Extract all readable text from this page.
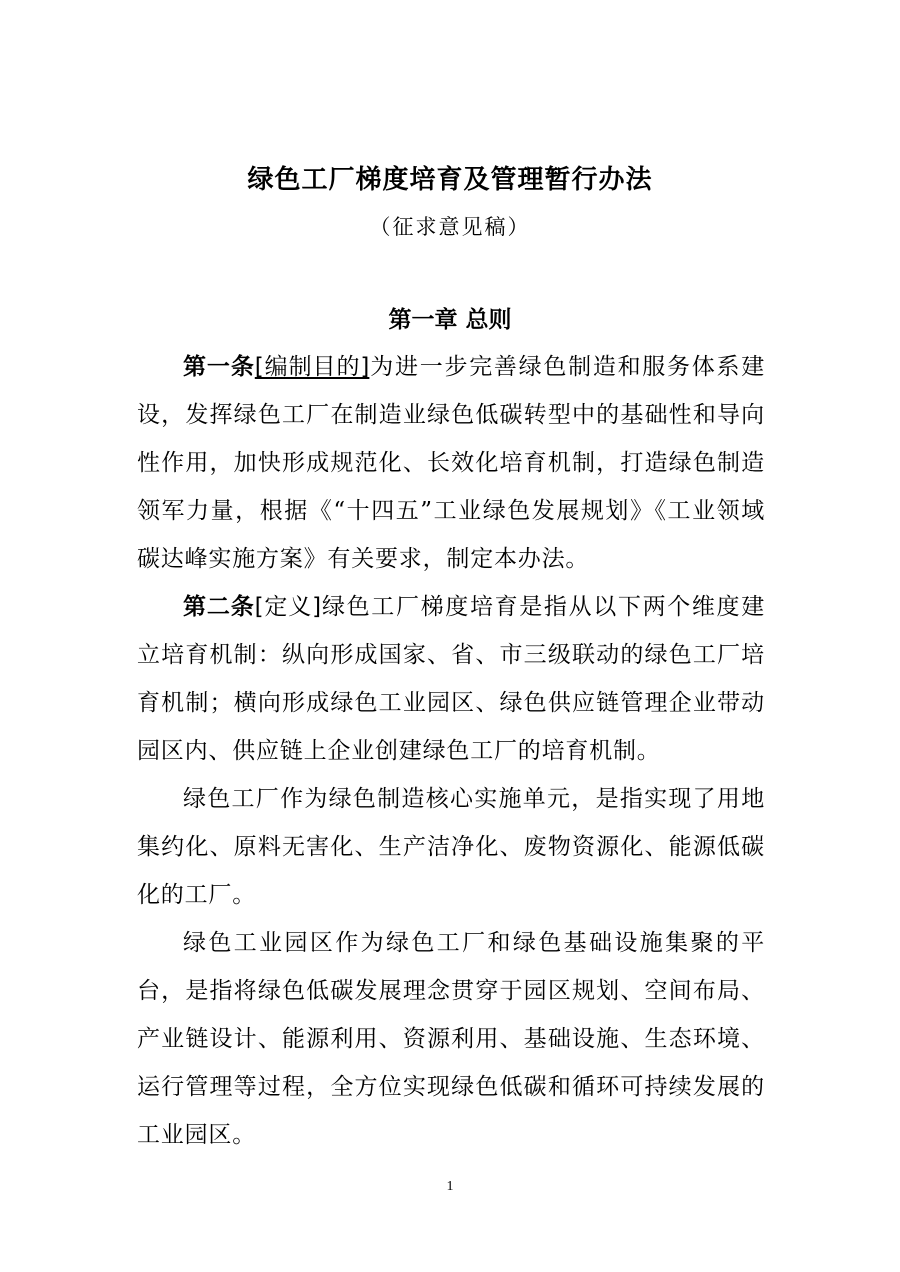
绿色工厂梯度培育及管理暂行办法
（征求意见稿）
第一章 总则

第一条[编制目的]为进一步完善绿色制造和服务体系建设，发挥绿色工厂在制造业绿色低碳转型中的基础性和导向性作用，加快形成规范化、长效化培育机制，打造绿色制造领军力量，根据《“十四五”工业绿色发展规划》《工业领域碳达峰实施方案》有关要求，制定本办法。

第二条[定义]绿色工厂梯度培育是指从以下两个维度建立培育机制：纵向形成国家、省、市三级联动的绿色工厂培育机制；横向形成绿色工业园区、绿色供应链管理企业带动园区内、供应链上企业创建绿色工厂的培育机制。

绿色工厂作为绿色制造核心实施单元，是指实现了用地集约化、原料无害化、生产洁净化、废物资源化、能源低碳化的工厂。

绿色工业园区作为绿色工厂和绿色基础设施集聚的平台，是指将绿色低碳发展理念贯穿于园区规划、空间布局、产业链设计、能源利用、资源利用、基础设施、生态环境、运行管理等过程，全方位实现绿色低碳和循环可持续发展的工业园区。

1
